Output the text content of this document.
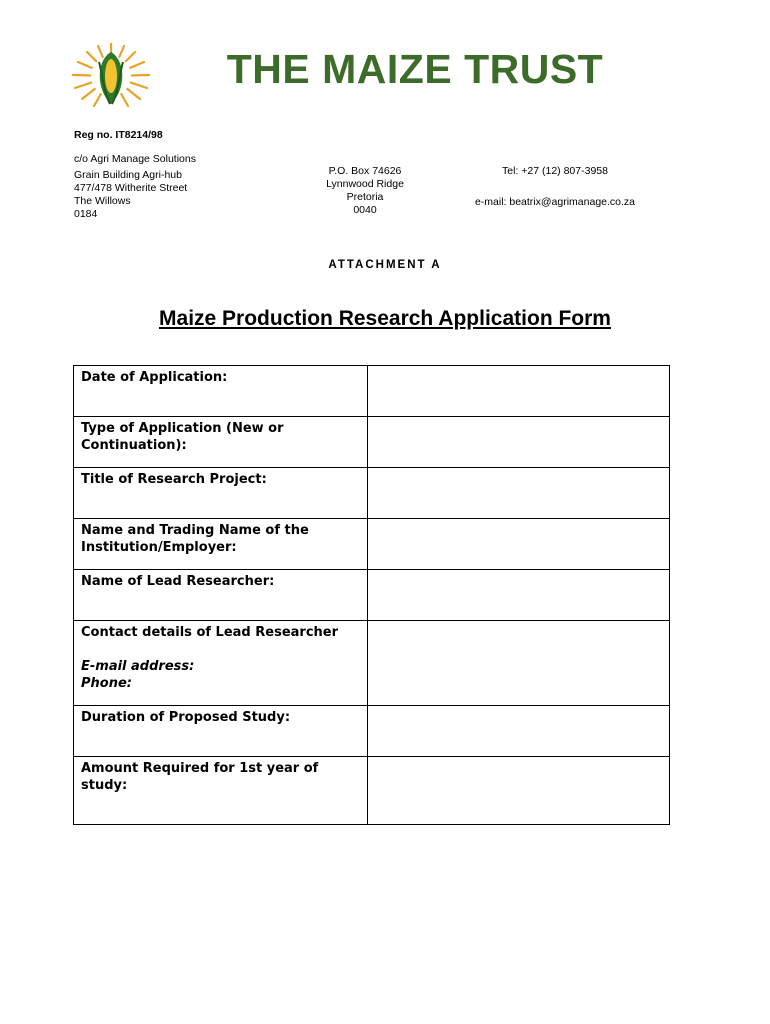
THE MAIZE TRUST
Reg no. IT8214/98
c/o Agri Manage Solutions
Grain Building Agri-hub
477/478 Witherite Street
The Willows
0184
P.O. Box 74626
Lynnwood Ridge
Pretoria
0040
Tel: +27 (12) 807-3958
e-mail: beatrix@agrimanage.co.za
ATTACHMENT A
Maize Production Research Application Form
Date of Application:	
Type of Application (New or Continuation):	
Title of Research Project:	
Name and Trading Name of the Institution/Employer:	
Name of Lead Researcher:	

Contact details of Lead Researcher
E-mail address:
Phone:	

Duration of Proposed Study:	
Amount Required for 1st year of study:	
